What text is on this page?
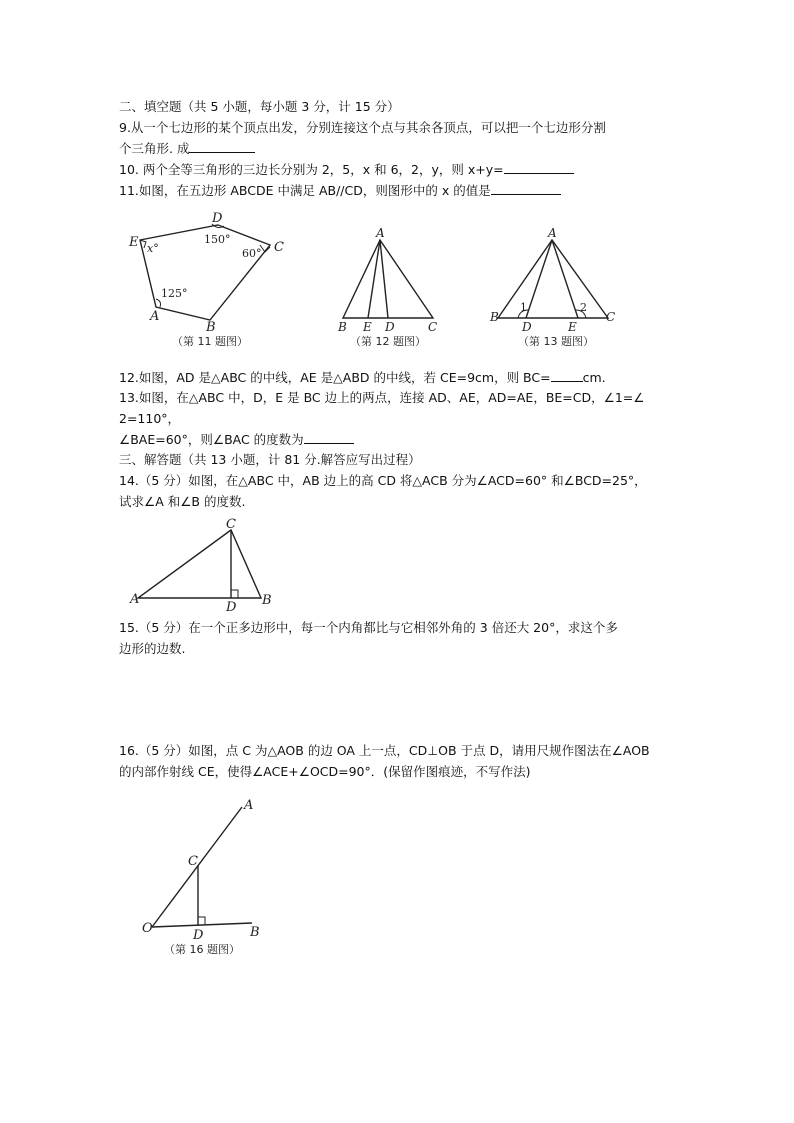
二、填空题（共 5 小题，每小题 3 分，计 15 分）
9.从一个七边形的某个顶点出发，分别连接这个点与其余各顶点，可以把一个七边形分割
个三角形. 成
10. 两个全等三角形的三边长分别为 2，5，x 和 6，2，y，则 x+y=
11.如图，在五边形 ABCDE 中满足 AB//CD，则图形中的 x 的值是
D
E	C
A
B
x°
150°
60°
125°
（第 11 题图）
A
B E D	C
（第 12 题图）
A
B
D	E
C
1	2
（第 13 题图）
12.如图，AD 是△ABC 的中线，AE 是△ABD 的中线，若 CE=9cm，则 BC=	cm.
13.如图，在△ABC 中，D，E 是 BC 边上的两点，连接 AD、AE，AD=AE，BE=CD，∠1=∠
2=110°，
∠BAE=60°，则∠BAC 的度数为
三、解答题（共 13 小题，计 81 分.解答应写出过程）
14.（5 分）如图，在△ABC 中，AB 边上的高 CD 将△ACB 分为∠ACD=60° 和∠BCD=25°，
试求∠A 和∠B 的度数.
C
A
D B
15.（5 分）在一个正多边形中，每一个内角都比与它相邻外角的 3 倍还大 20°，求这个多
边形的边数.
16.（5 分）如图，点 C 为△AOB 的边 OA 上一点，CD⊥OB 于点 D，请用尺规作图法在∠AOB
的内部作射线 CE，使得∠ACE+∠OCD=90°．(保留作图痕迹，不写作法)
A
C
O	D	B
（第 16 题图）
